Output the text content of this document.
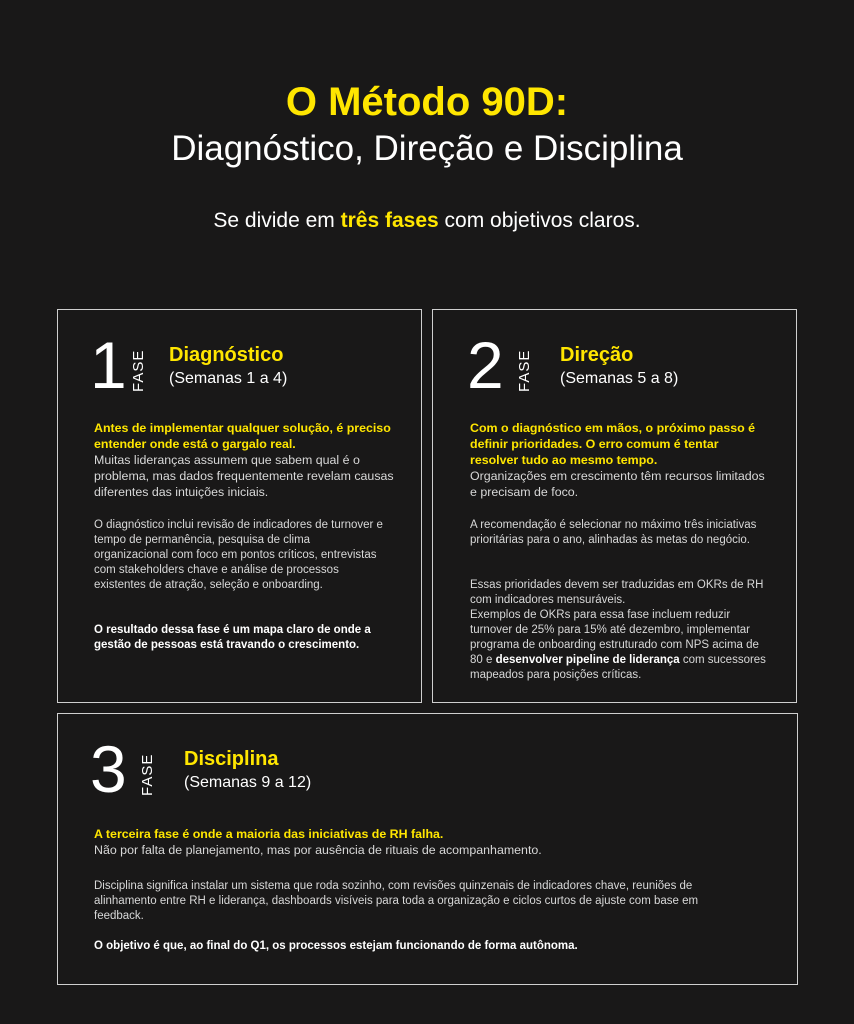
O Método 90D:
Diagnóstico, Direção e Disciplina
Se divide em três fases com objetivos claros.
1 FASE Diagnóstico
(Semanas 1 a 4)

Antes de implementar qualquer solução, é preciso entender onde está o gargalo real.

Muitas lideranças assumem que sabem qual é o problema, mas dados frequentemente revelam causas diferentes das intuições iniciais.

O diagnóstico inclui revisão de indicadores de turnover e tempo de permanência, pesquisa de clima organizacional com foco em pontos críticos, entrevistas com stakeholders chave e análise de processos existentes de atração, seleção e onboarding.

O resultado dessa fase é um mapa claro de onde a gestão de pessoas está travando o crescimento.

2 FASE Direção
(Semanas 5 a 8)

Com o diagnóstico em mãos, o próximo passo é definir prioridades. O erro comum é tentar resolver tudo ao mesmo tempo.

Organizações em crescimento têm recursos limitados e precisam de foco.

A recomendação é selecionar no máximo três iniciativas prioritárias para o ano, alinhadas às metas do negócio.

Essas prioridades devem ser traduzidas em OKRs de RH com indicadores mensuráveis.

Exemplos de OKRs para essa fase incluem reduzir turnover de 25% para 15% até dezembro, implementar programa de onboarding estruturado com NPS acima de 80 e desenvolver pipeline de liderança com sucessores mapeados para posições críticas.

3 FASE Disciplina
(Semanas 9 a 12)

A terceira fase é onde a maioria das iniciativas de RH falha.

Não por falta de planejamento, mas por ausência de rituais de acompanhamento.

Disciplina significa instalar um sistema que roda sozinho, com revisões quinzenais de indicadores chave, reuniões de alinhamento entre RH e liderança, dashboards visíveis para toda a organização e ciclos curtos de ajuste com base em feedback.

O objetivo é que, ao final do Q1, os processos estejam funcionando de forma autônoma.
